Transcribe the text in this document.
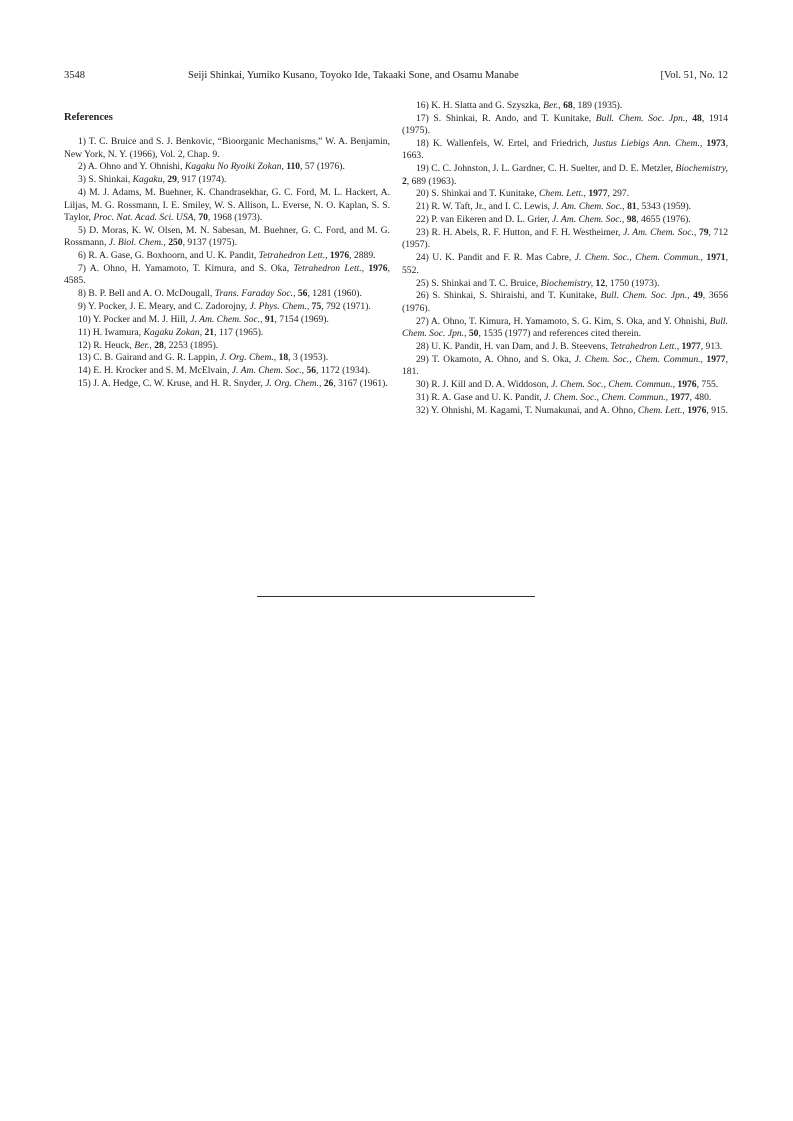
3548	Seiji Shinkai, Yumiko Kusano, Toyoko Ide, Takaaki Sone, and Osamu Manabe	[Vol. 51, No. 12
References
1) T. C. Bruice and S. J. Benkovic, “Bioorganic Mechanisms,” W. A. Benjamin, New York, N. Y. (1966), Vol. 2, Chap. 9.
2) A. Ohno and Y. Ohnishi, Kagaku No Ryoiki Zokan, 110, 57 (1976).
3) S. Shinkai, Kagaku, 29, 917 (1974).
4) M. J. Adams, M. Buehner, K. Chandrasekhar, G. C. Ford, M. L. Hackert, A. Liljas, M. G. Rossmann, I. E. Smiley, W. S. Allison, L. Everse, N. O. Kaplan, S. S. Taylor, Proc. Nat. Acad. Sci. USA, 70, 1968 (1973).
5) D. Moras, K. W. Olsen, M. N. Sabesan, M. Buehner, G. C. Ford, and M. G. Rossmann, J. Biol. Chem., 250, 9137 (1975).
6) R. A. Gase, G. Boxhoorn, and U. K. Pandit, Tetrahedron Lett., 1976, 2889.
7) A. Ohno, H. Yamamoto, T. Kimura, and S. Oka, Tetrahedron Lett., 1976, 4585.
8) B. P. Bell and A. O. McDougall, Trans. Faraday Soc., 56, 1281 (1960).
9) Y. Pocker, J. E. Meary, and C. Zadorojny, J. Phys. Chem., 75, 792 (1971).
10) Y. Pocker and M. J. Hill, J. Am. Chem. Soc., 91, 7154 (1969).
11) H. Iwamura, Kagaku Zokan, 21, 117 (1965).
12) R. Heuck, Ber., 28, 2253 (1895).
13) C. B. Gairand and G. R. Lappin, J. Org. Chem., 18, 3 (1953).
14) E. H. Krocker and S. M. McElvain, J. Am. Chem. Soc., 56, 1172 (1934).
15) J. A. Hedge, C. W. Kruse, and H. R. Snyder, J. Org. Chem., 26, 3167 (1961).
16) K. H. Slatta and G. Szyszka, Ber., 68, 189 (1935).
17) S. Shinkai, R. Ando, and T. Kunitake, Bull. Chem. Soc. Jpn., 48, 1914 (1975).
18) K. Wallenfels, W. Ertel, and Friedrich, Justus Liebigs Ann. Chem., 1973, 1663.
19) C. C. Johnston, J. L. Gardner, C. H. Suelter, and D. E. Metzler, Biochemistry, 2, 689 (1963).
20) S. Shinkai and T. Kunitake, Chem. Lett., 1977, 297.
21) R. W. Taft, Jr., and I. C. Lewis, J. Am. Chem. Soc., 81, 5343 (1959).
22) P. van Eikeren and D. L. Grier, J. Am. Chem. Soc., 98, 4655 (1976).
23) R. H. Abels, R. F. Hutton, and F. H. Westheimer, J. Am. Chem. Soc., 79, 712 (1957).
24) U. K. Pandit and F. R. Mas Cabre, J. Chem. Soc., Chem. Commun., 1971, 552.
25) S. Shinkai and T. C. Bruice, Biochemistry, 12, 1750 (1973).
26) S. Shinkai, S. Shiraishi, and T. Kunitake, Bull. Chem. Soc. Jpn., 49, 3656 (1976).
27) A. Ohno, T. Kimura, H. Yamamoto, S. G. Kim, S. Oka, and Y. Ohnishi, Bull. Chem. Soc. Jpn., 50, 1535 (1977) and references cited therein.
28) U. K. Pandit, H. van Dam, and J. B. Steevens, Tetrahedron Lett., 1977, 913.
29) T. Okamoto, A. Ohno, and S. Oka, J. Chem. Soc., Chem. Commun., 1977, 181.
30) R. J. Kill and D. A. Widdoson, J. Chem. Soc., Chem. Commun., 1976, 755.
31) R. A. Gase and U. K. Pandit, J. Chem. Soc., Chem. Commun., 1977, 480.
32) Y. Ohnishi, M. Kagami, T. Numakunai, and A. Ohno, Chem. Lett., 1976, 915.
